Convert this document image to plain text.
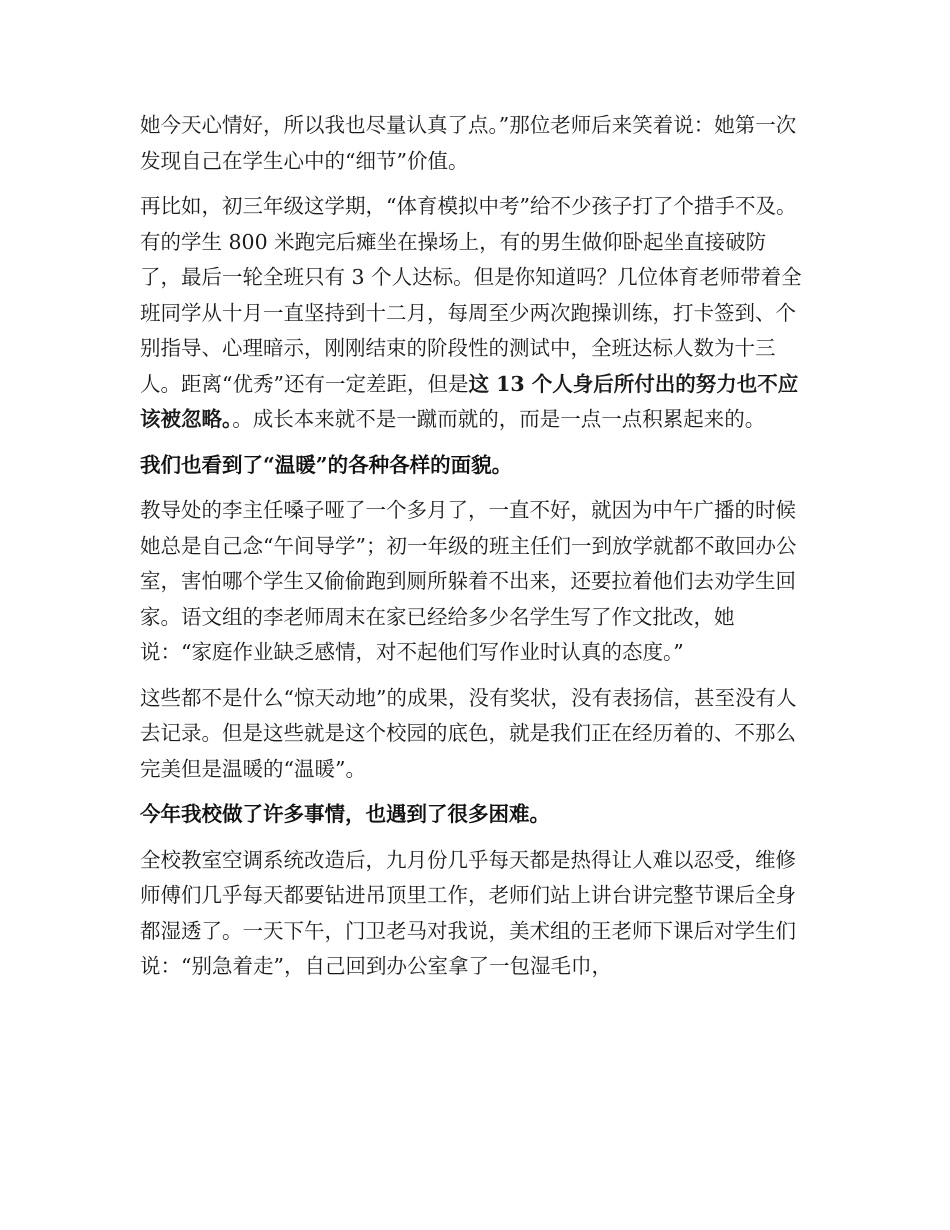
她今天心情好，所以我也尽量认真了点。”那位老师后来笑着说：她第一次发现自己在学生心中的“细节”价值。

再比如，初三年级这学期，“体育模拟中考”给不少孩子打了个措手不及。有的学生 800 米跑完后瘫坐在操场上，有的男生做仰卧起坐直接破防了，最后一轮全班只有 3 个人达标。但是你知道吗？几位体育老师带着全班同学从十月一直坚持到十二月，每周至少两次跑操训练，打卡签到、个别指导、心理暗示，刚刚结束的阶段性的测试中，全班达标人数为十三人。距离“优秀”还有一定差距，但是这 13 个人身后所付出的努力也不应该被忽略。。成长本来就不是一蹴而就的，而是一点一点积累起来的。

我们也看到了“温暖”的各种各样的面貌。

教导处的李主任嗓子哑了一个多月了，一直不好，就因为中午广播的时候她总是自己念“午间导学”；初一年级的班主任们一到放学就都不敢回办公室，害怕哪个学生又偷偷跑到厕所躲着不出来，还要拉着他们去劝学生回家。语文组的李老师周末在家已经给多少名学生写了作文批改，她说：“家庭作业缺乏感情，对不起他们写作业时认真的态度。”

这些都不是什么“惊天动地”的成果，没有奖状，没有表扬信，甚至没有人去记录。但是这些就是这个校园的底色，就是我们正在经历着的、不那么完美但是温暖的“温暖”。

今年我校做了许多事情，也遇到了很多困难。

全校教室空调系统改造后，九月份几乎每天都是热得让人难以忍受，维修师傅们几乎每天都要钻进吊顶里工作，老师们站上讲台讲完整节课后全身都湿透了。一天下午，门卫老马对我说，美术组的王老师下课后对学生们说：“别急着走”，自己回到办公室拿了一包湿毛巾，
